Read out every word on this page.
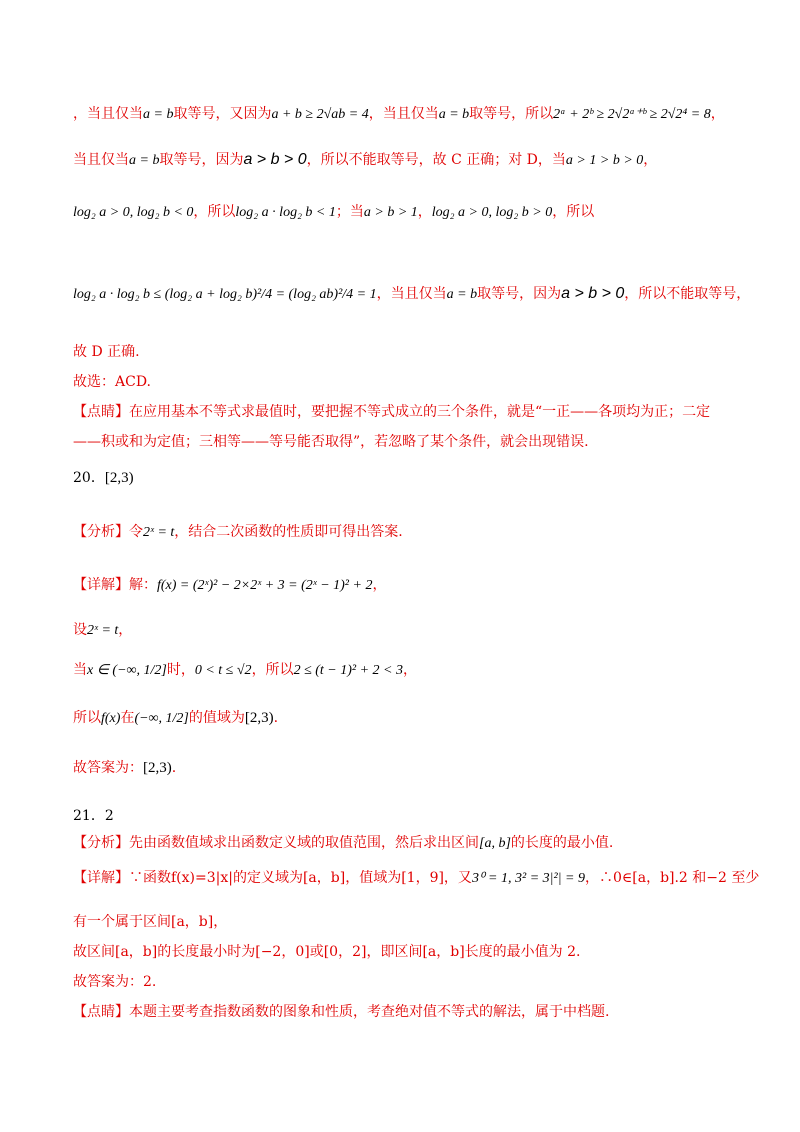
，当且仅当a = b取等号，又因为a + b ≥ 2√ab = 4，当且仅当a = b取等号，所以2ᵃ + 2ᵇ ≥ 2√2ᵃ⁺ᵇ ≥ 2√2⁴ = 8，
当且仅当a = b取等号，因为a > b > 0，所以不能取等号，故 C 正确；对 D，当a > 1 > b > 0，
log₂ a > 0, log₂ b < 0，所以log₂ a · log₂ b < 1；当a > b > 1，log₂ a > 0, log₂ b > 0，所以
log₂ a · log₂ b ≤ (log₂ a + log₂ b)²/4 = (log₂ ab)²/4 = 1，当且仅当a = b取等号，因为a > b > 0，所以不能取等号，
故 D 正确.
故选：ACD.
【点睛】在应用基本不等式求最值时，要把握不等式成立的三个条件，就是“一正——各项均为正；二定
——积或和为定值；三相等——等号能否取得”，若忽略了某个条件，就会出现错误.
20．[2,3)
【分析】令2ˣ = t，结合二次函数的性质即可得出答案.
【详解】解：f(x) = (2ˣ)² − 2×2ˣ + 3 = (2ˣ − 1)² + 2，
设2ˣ = t，
当x ∈ (−∞, 1/2]时，0 < t ≤ √2，所以2 ≤ (t − 1)² + 2 < 3，
所以f(x)在(−∞, 1/2]的值域为[2,3).
故答案为：[2,3).
21．2
【分析】先由函数值域求出函数定义域的取值范围，然后求出区间[a, b]的长度的最小值.
【详解】∵函数f(x)=3|x|的定义域为[a，b]，值域为[1，9]，又3⁰ = 1, 3² = 3|²| = 9，∴0∈[a，b].2 和−2 至少
有一个属于区间[a，b]，
故区间[a，b]的长度最小时为[−2，0]或[0，2]，即区间[a，b]长度的最小值为 2.
故答案为：2.
【点睛】本题主要考查指数函数的图象和性质，考查绝对值不等式的解法，属于中档题.
